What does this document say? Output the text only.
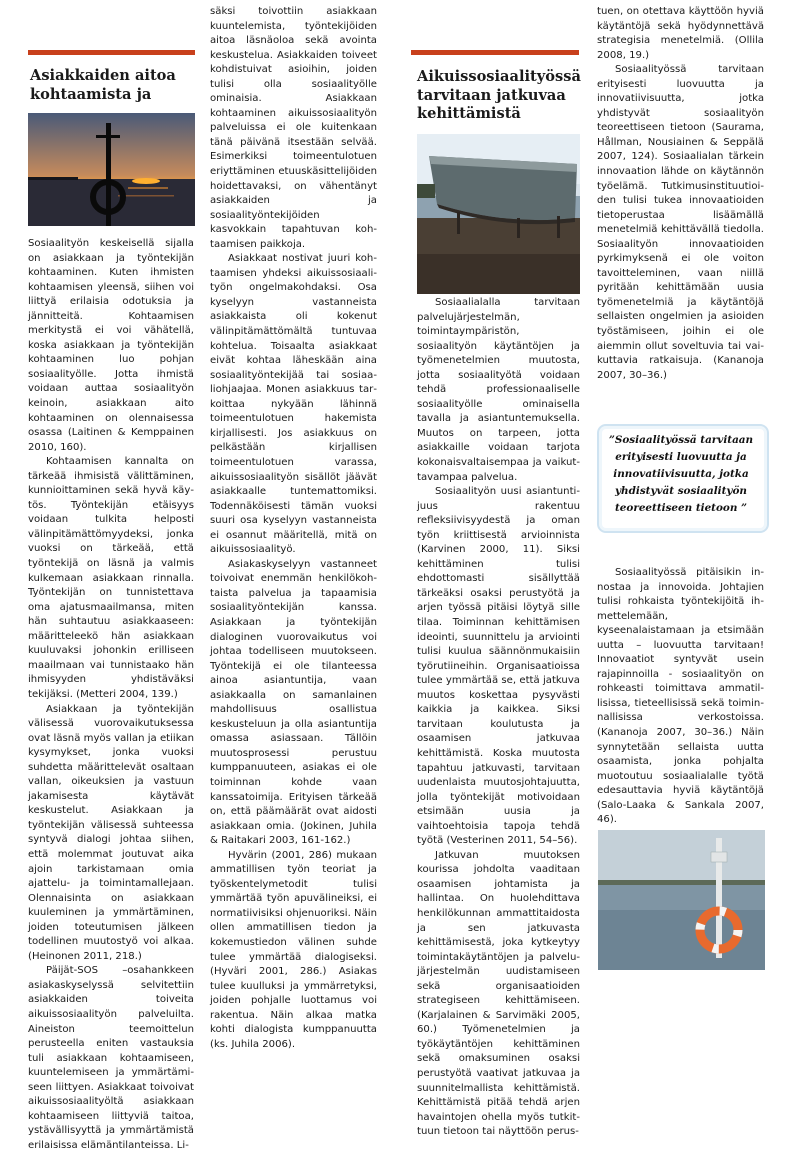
Asiakkaiden aitoa kohtaamista ja

Sosiaalityön keskeisellä sijalla on asiakkaan ja työntekijän kohtaaminen. Kuten ihmisten kohtaamisen yleensä, siihen voi liittyä erilaisia odotuksia ja jännitteitä. Kohtaamisen merkitystä ei voi vähätellä, koska asiakkaan ja työntekijän kohtaaminen luo pohjan sosiaalityölle. Jotta ihmistä voidaan auttaa sosiaalityön keinoin, asiakkaan aito kohtaaminen on olennaisessa osassa (Laitinen & Kemppainen 2010, 160).

Kohtaamisen kannalta on tärkeää ihmisistä välittäminen, kunnioittaminen sekä hyvä käytös. Työntekijän etäisyys voidaan tulkita helposti välinpitämättömyydeksi, jonka vuoksi on tärkeää, että työntekijä on läsnä ja valmis kulkemaan asiakkaan rinnalla. Työntekijän on tunnistettava oma ajatusmaailmansa, miten hän suhtautuu asiakkaaseen: määritteleekö hän asiakkaan kuuluvaksi johonkin erilliseen maailmaan vai tunnistaako hän ihmisyyden yhdistäväksi tekijäksi. (Metteri 2004, 139.)

Asiakkaan ja työntekijän välisessä vuorovaikutuksessa ovat läsnä myös vallan ja etiikan kysymykset, jonka vuoksi suhdetta määrittelevät osaltaan vallan, oikeuksien ja vastuun jakamisesta käytävät keskustelut. Asiakkaan ja työntekijän välisessä suhteessa syntyvä dialogi johtaa siihen, että molemmat joutuvat aika ajoin tarkistamaan omia ajattelu- ja toimintamallejaan. Olennaisinta on asiakkaan kuuleminen ja ymmärtäminen, joiden toteutumisen jälkeen todellinen muutostyö voi alkaa. (Heinonen 2011, 218.)

Päijät-SOS –osahankkeen asiakaskyselyssä selvitettiin asiakkaiden toiveita aikuissosiaalityön palveluilta. Aineiston teemoittelun perusteella eniten vastauksia tuli asiakkaan kohtaamiseen, kuuntelemiseen ja ymmärtämiseen liittyen. Asiakkaat toivoivat aikuissosiaalityöltä asiakkaan kohtaamiseen liittyviä taitoa, ystävällisyyttä ja ymmärtämistä erilaisissa elämäntilanteissa. Li-

säksi toivottiin asiakkaan kuuntelemista, työntekijöiden aitoa läsnäoloa sekä avointa keskustelua. Asiakkaiden toiveet kohdistuivat asioihin, joiden tulisi olla sosiaalityölle ominaisia. Asiakkaan kohtaaminen aikuissosiaalityön palveluissa ei ole kuitenkaan tänä päivänä itsestään selvää. Esimerkiksi toimeentulotuen eriyttäminen etuuskäsittelijöiden hoidettavaksi, on vähentänyt asiakkaiden ja sosiaalityöntekijöiden kasvokkain tapahtuvan kohtaamisen paikkoja.

Asiakkaat nostivat juuri kohtaamisen yhdeksi aikuissosiaalityön ongelmakohdaksi. Osa kyselyyn vastanneista asiakkaista oli kokenut välinpitämättömältä tuntuvaa kohtelua. Toisaalta asiakkaat eivät kohtaa läheskään aina sosiaalityöntekijää tai sosiaaliohjaajaa. Monen asiakkuus tarkoittaa nykyään lähinnä toimeentulotuen hakemista kirjallisesti. Jos asiakkuus on pelkästään kirjallisen toimeentulotuen varassa, aikuissosiaalityön sisällöt jäävät asiakkaalle tuntemattomiksi. Todennäköisesti tämän vuoksi suuri osa kyselyyn vastanneista ei osannut määritellä, mitä on aikuissosiaalityö.

Asiakaskyselyyn vastanneet toivoivat enemmän henkilökohtaista palvelua ja tapaamisia sosiaalityöntekijän kanssa. Asiakkaan ja työntekijän dialoginen vuorovaikutus voi johtaa todelliseen muutokseen. Työntekijä ei ole tilanteessa ainoa asiantuntija, vaan asiakkaalla on samanlainen mahdollisuus osallistua keskusteluun ja olla asiantuntija omassa asiassaan. Tällöin muutosprosessi perustuu kumppanuuteen, asiakas ei ole toiminnan kohde vaan kanssatoimija. Erityisen tärkeää on, että päämäärät ovat aidosti asiakkaan omia. (Jokinen, Juhila & Raitakari 2003, 161-162.)

Hyvärin (2001, 286) mukaan ammatillisen työn teoriat ja työskentelymetodit tulisi ymmärtää työn apuvälineiksi, ei normatiivisiksi ohjenuoriksi. Näin ollen ammatillisen tiedon ja kokemustiedon välinen suhde tulee ymmärtää dialogiseksi. (Hyväri 2001, 286.) Asiakas tulee kuulluksi ja ymmärretyksi, joiden pohjalle luottamus voi rakentua. Näin alkaa matka kohti dialogista kumppanuutta (ks. Juhila 2006).

Aikuissosiaalityössä tarvitaan jatkuvaa kehittämistä

Sosiaalialalla tarvitaan palvelujärjestelmän, toimintaympäristön, sosiaalityön käytäntöjen ja työmenetelmien muutosta, jotta sosiaalityötä voidaan tehdä professionaaliselle sosiaalityölle ominaisella tavalla ja asiantuntemuksella. Muutos on tarpeen, jotta asiakkaille voidaan tarjota kokonaisvaltaisempaa ja vaikuttavampaa palvelua.

Sosiaalityön uusi asiantuntijuus rakentuu refleksiivisyydestä ja oman työn kriittisestä arvioinnista (Karvinen 2000, 11). Siksi kehittäminen tulisi ehdottomasti sisällyttää tärkeäksi osaksi perustyötä ja arjen työssä pitäisi löytyä sille tilaa. Toiminnan kehittämisen ideointi, suunnittelu ja arviointi tulisi kuulua säännönmukaisiin työrutiineihin. Organisaatioissa tulee ymmärtää se, että jatkuva muutos koskettaa pysyvästi kaikkia ja kaikkea. Siksi tarvitaan koulutusta ja osaamisen jatkuvaa kehittämistä. Koska muutosta tapahtuu jatkuvasti, tarvitaan uudenlaista muutosjohtajuutta, jolla työntekijät motivoidaan etsimään uusia ja vaihtoehtoisia tapoja tehdä työtä (Vesterinen 2011, 54–56).

Jatkuvan muutoksen kourissa johdolta vaaditaan osaamisen johtamista ja hallintaa. On huolehdittava henkilökunnan ammattitaidosta ja sen jatkuvasta kehittämisestä, joka kytkeytyy toimintakäytäntöjen ja palvelujärjestelmän uudistamiseen sekä organisaatioiden strategiseen kehittämiseen. (Karjalainen & Sarvimäki 2005, 60.) Työmenetelmien ja työkäytäntöjen kehittäminen sekä omaksuminen osaksi perustyötä vaativat jatkuvaa ja suunnitelmallista kehittämistä. Kehittämistä pitää tehdä arjen havaintojen ohella myös tutkittuun tietoon tai näyttöön perus-

tuen, on otettava käyttöön hyviä käytäntöjä sekä hyödynnettävä strategisia menetelmiä. (Ollila 2008, 19.)

Sosiaalityössä tarvitaan erityisesti luovuutta ja innovatiivisuutta, jotka yhdistyvät sosiaalityön teoreettiseen tietoon (Saurama, Hållman, Nousiainen & Seppälä 2007, 124). Sosiaalialan tärkein innovaation lähde on käytännön työelämä. Tutkimusinstituutioiden tulisi tukea innovaatioiden tietoperustaa lisäämällä menetelmiä kehittävällä tiedolla. Sosiaalityön innovaatioiden pyrkimyksenä ei ole voiton tavoitteleminen, vaan niillä pyritään kehittämään uusia työmenetelmiä ja käytäntöjä sellaisten ongelmien ja asioiden työstämiseen, joihin ei ole aiemmin ollut soveltuvia tai vaikuttavia ratkaisuja. (Kananoja 2007, 30–36.)

”Sosiaalityössä tarvitaan erityisesti luovuutta ja innovatiivisuutta, jotka yhdistyvät sosiaalityön teoreettiseen tietoon ”

Sosiaalityössä pitäisikin innostaa ja innovoida. Johtajien tulisi rohkaista työntekijöitä ihmettelemään, kyseenalaistamaan ja etsimään uutta – luovuutta tarvitaan! Innovaatiot syntyvät usein rajapinnoilla - sosiaalityön on rohkeasti toimittava ammatillisissa, tieteellisissä sekä toiminnallisissa verkostoissa. (Kananoja 2007, 30–36.) Näin synnytetään sellaista uutta osaamista, jonka pohjalta muotoutuu sosiaalialalle työtä edesauttavia hyviä käytäntöjä (Salo-Laaka & Sankala 2007, 46).
